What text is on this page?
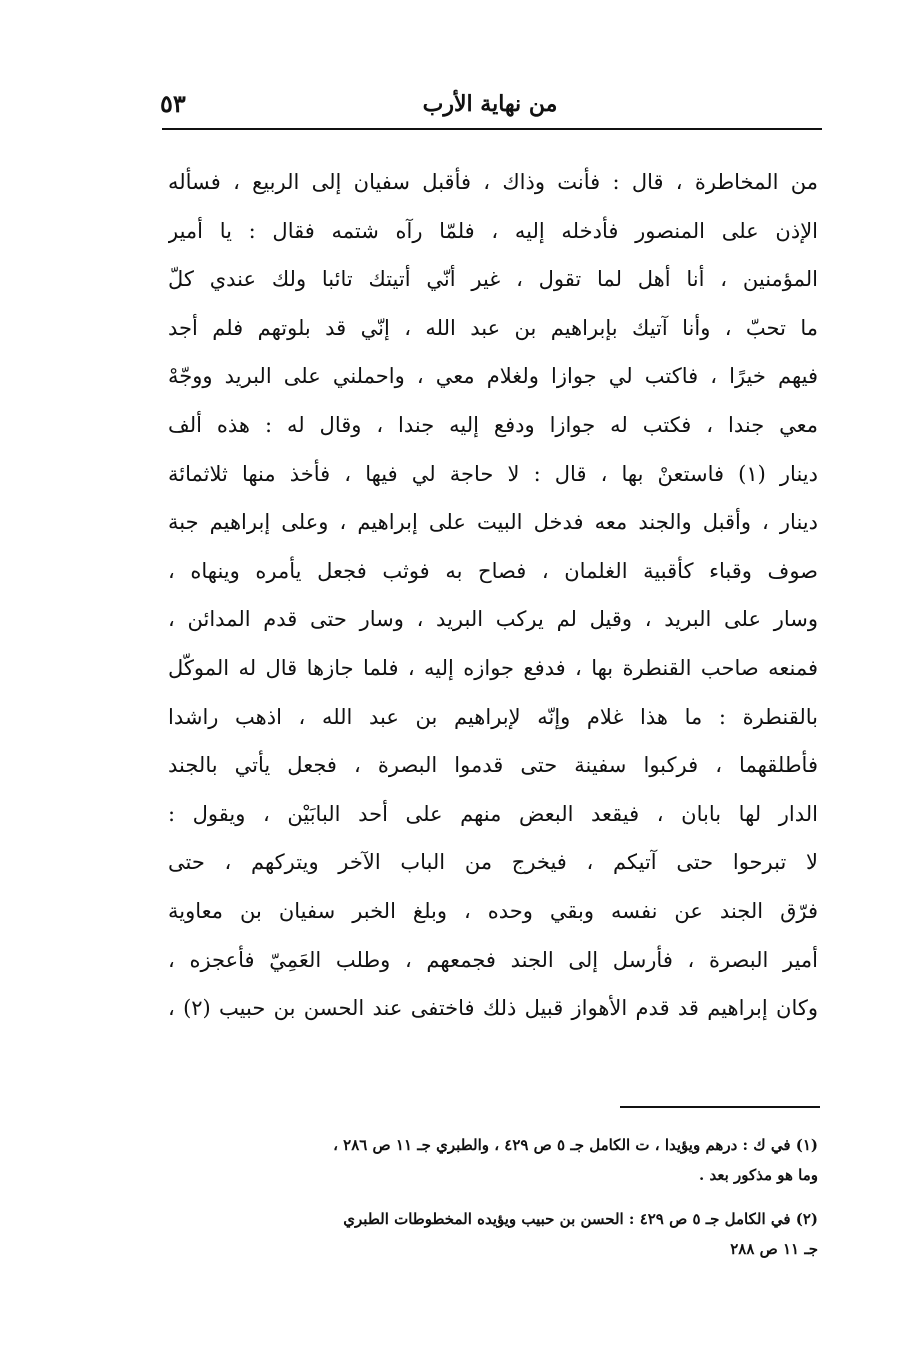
من نهاية الأرب
٥٣
من المخاطرة ، قال : فأنت وذاك ، فأقبل سفيان إلى الربيع ، فسأله
الإذن على المنصور فأدخله إليه ، فلمّا رآه شتمه فقال : يا أمير
المؤمنين ، أنا أهل لما تقول ، غير أنّي أتيتك تائبا ولك عندي كلّ
ما تحبّ ، وأنا آتيك بإبراهيم بن عبد الله ، إنّي قد بلوتهم فلم أجد
فيهم خيرًا ، فاكتب لي جوازا ولغلام معي ، واحملني على البريد ووجّهْ
معي جندا ، فكتب له جوازا ودفع إليه جندا ، وقال له : هذه ألف
دينار (١) فاستعنْ بها ، قال : لا حاجة لي فيها ، فأخذ منها ثلاثمائة
دينار ، وأقبل والجند معه فدخل البيت على إبراهيم ، وعلى إبراهيم جبة
صوف وقباء كأقبية الغلمان ، فصاح به فوثب فجعل يأمره وينهاه ،
وسار على البريد ، وقيل لم يركب البريد ، وسار حتى قدم المدائن ،
فمنعه صاحب القنطرة بها ، فدفع جوازه إليه ، فلما جازها قال له الموكّل
بالقنطرة : ما هذا غلام وإنّه لإبراهيم بن عبد الله ، اذهب راشدا
فأطلقهما ، فركبوا سفينة حتى قدموا البصرة ، فجعل يأتي بالجند
الدار لها بابان ، فيقعد البعض منهم على أحد البابَيْن ، ويقول :
لا تبرحوا حتى آتيكم ، فيخرج من الباب الآخر ويتركهم ، حتى
فرّق الجند عن نفسه وبقي وحده ، وبلغ الخبر سفيان بن معاوية
أمير البصرة ، فأرسل إلى الجند فجمعهم ، وطلب العَمِيّ فأعجزه ،
وكان إبراهيم قد قدم الأهواز قبيل ذلك فاختفى عند الحسن بن حبيب (٢) ،
(١) في ك : درهم ويؤيدا ، ت الكامل جـ ٥ ص ٤٢٩ ، والطبري جـ ١١ ص ٢٨٦ ،
وما هو مذكور بعد .
(٢) في الكامل جـ ٥ ص ٤٢٩ : الحسن بن حبيب ويؤيده المخطوطات الطبري
جـ ١١ ص ٢٨٨
